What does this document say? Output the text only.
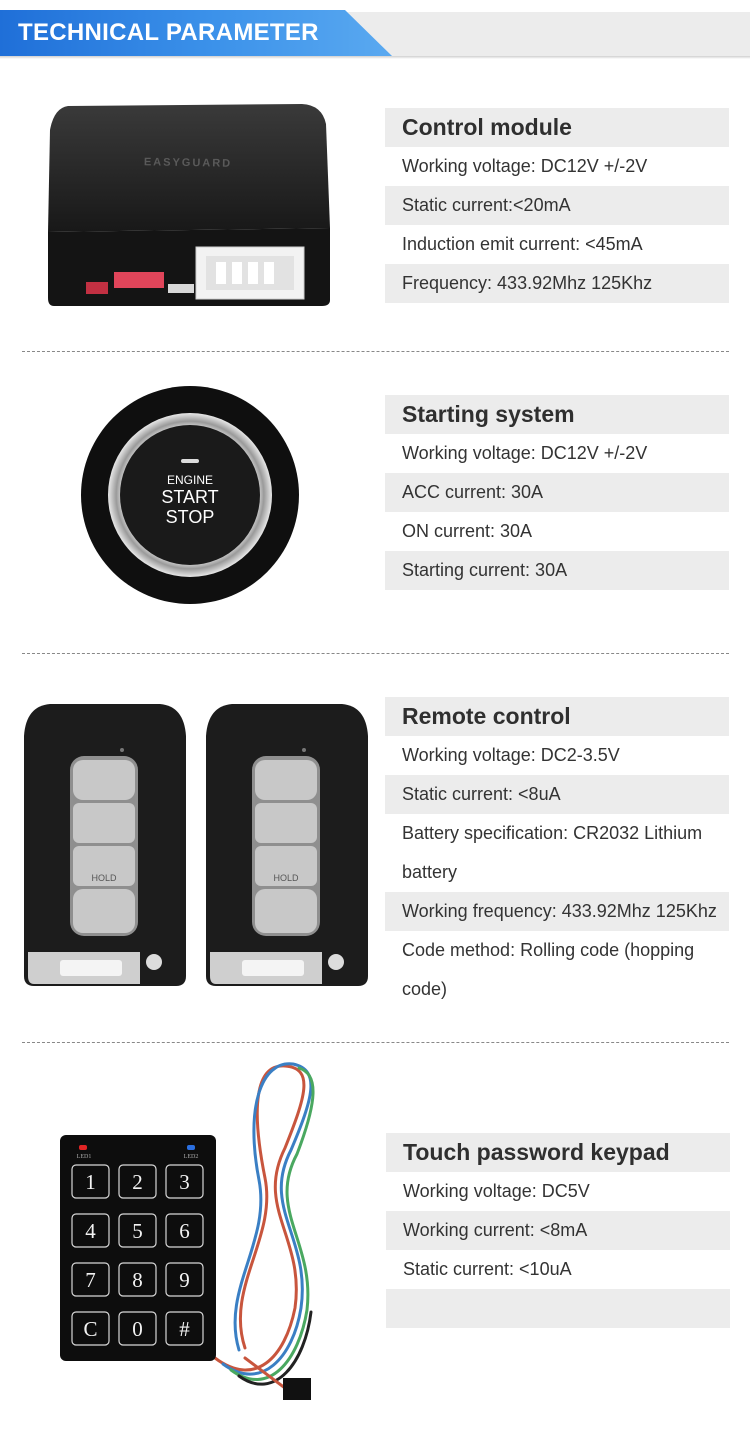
TECHNICAL PARAMETER
EASYGUARD
Control module
Working voltage: DC12V +/-2V
Static current:<20mA
Induction emit current: <45mA
Frequency: 433.92Mhz 125Khz
ENGINE
START
STOP
Starting system
Working voltage: DC12V +/-2V
ACC current: 30A
ON current: 30A
Starting current: 30A
HOLD	HOLD
Remote control
Working voltage: DC2-3.5V
Static current: <8uA
Battery specification: CR2032 Lithium battery
Working frequency: 433.92Mhz 125Khz
Code method: Rolling code (hopping code)
LED1	LED2
1 2 3
4 5 6
7 8 9
C 0 #
Touch password keypad
Working voltage: DC5V
Working current: <8mA
Static current: <10uA
